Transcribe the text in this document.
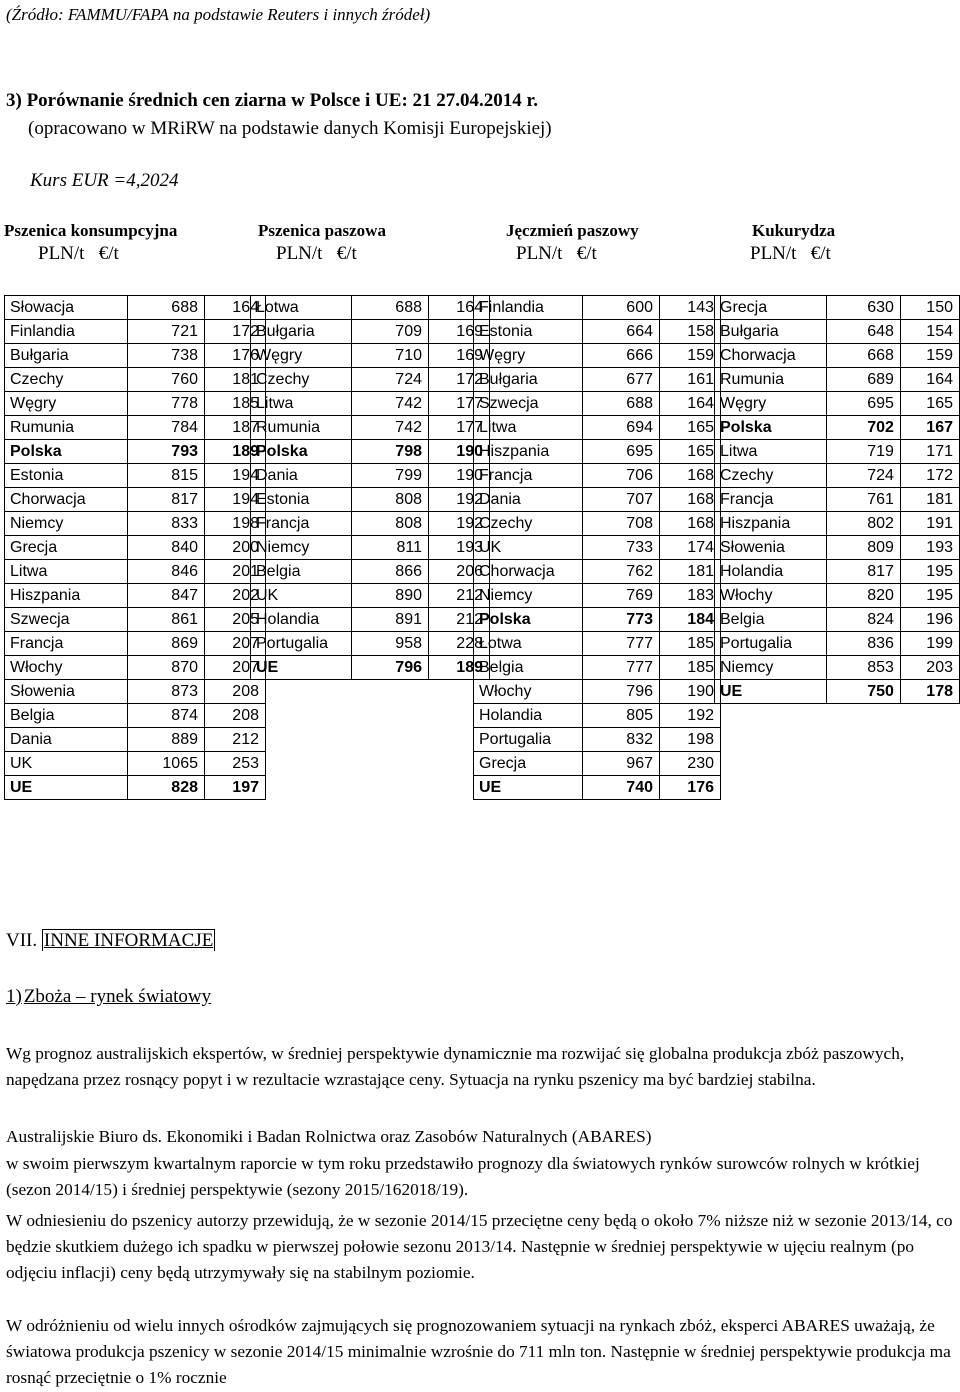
(Źródło: FAMMU/FAPA na podstawie Reuters i innych źródeł)
3) Porównanie średnich cen ziarna w Polsce i UE: 21 27.04.2014 r.
(opracowano w MRiRW na podstawie danych Komisji Europejskiej)
Kurs EUR =4,2024
Pszenica konsumpcyjna	Pszenica paszowa	Jęczmień paszowy	Kukurydza
PLN/t   €/t	PLN/t   €/t	PLN/t   €/t	PLN/t   €/t
Słowacja	688	164
Finlandia	721	172
Bułgaria	738	176
Czechy	760	181
Węgry	778	185
Rumunia	784	187
Polska	793	189
Estonia	815	194
Chorwacja	817	194
Niemcy	833	198
Grecja	840	200
Litwa	846	201
Hiszpania	847	202
Szwecja	861	205
Francja	869	207
Włochy	870	207
Słowenia	873	208
Belgia	874	208
Dania	889	212
UK	1065	253
UE	828	197
Łotwa	688	164
Bułgaria	709	169
Węgry	710	169
Czechy	724	172
Litwa	742	177
Rumunia	742	177
Polska	798	190
Dania	799	190
Estonia	808	192
Francja	808	192
Niemcy	811	193
Belgia	866	206
UK	890	212
Holandia	891	212
Portugalia	958	228
UE	796	189
Finlandia	600	143
Estonia	664	158
Węgry	666	159
Bułgaria	677	161
Szwecja	688	164
Litwa	694	165
Hiszpania	695	165
Francja	706	168
Dania	707	168
Czechy	708	168
UK	733	174
Chorwacja	762	181
Niemcy	769	183
Polska	773	184
Łotwa	777	185
Belgia	777	185
Włochy	796	190
Holandia	805	192
Portugalia	832	198
Grecja	967	230
UE	740	176
Grecja	630	150
Bułgaria	648	154
Chorwacja	668	159
Rumunia	689	164
Węgry	695	165
Polska	702	167
Litwa	719	171
Czechy	724	172
Francja	761	181
Hiszpania	802	191
Słowenia	809	193
Holandia	817	195
Włochy	820	195
Belgia	824	196
Portugalia	836	199
Niemcy	853	203
UE	750	178
VII. INNE INFORMACJE
1) Zboża – rynek światowy
Wg prognoz australijskich ekspertów, w średniej perspektywie dynamicznie ma rozwijać się globalna produkcja zbóż paszowych, napędzana przez rosnący popyt i w rezultacie wzrastające ceny. Sytuacja na rynku pszenicy ma być bardziej stabilna.
Australijskie Biuro ds. Ekonomiki i Badan Rolnictwa oraz Zasobów Naturalnych (ABARES)
w swoim pierwszym kwartalnym raporcie w tym roku przedstawiło prognozy dla światowych rynków surowców rolnych w krótkiej (sezon 2014/15) i średniej perspektywie (sezony 2015/162018/19).
W odniesieniu do pszenicy autorzy przewidują, że w sezonie 2014/15 przeciętne ceny będą o około 7% niższe niż w sezonie 2013/14, co będzie skutkiem dużego ich spadku w pierwszej połowie sezonu 2013/14. Następnie w średniej perspektywie w ujęciu realnym (po odjęciu inflacji) ceny będą utrzymywały się na stabilnym poziomie.
W odróżnieniu od wielu innych ośrodków zajmujących się prognozowaniem sytuacji na rynkach zbóż, eksperci ABARES uważają, że światowa produkcja pszenicy w sezonie 2014/15 minimalnie wzrośnie do 711 mln ton. Następnie w średniej perspektywie produkcja ma rosnąć przeciętnie o 1% rocznie
